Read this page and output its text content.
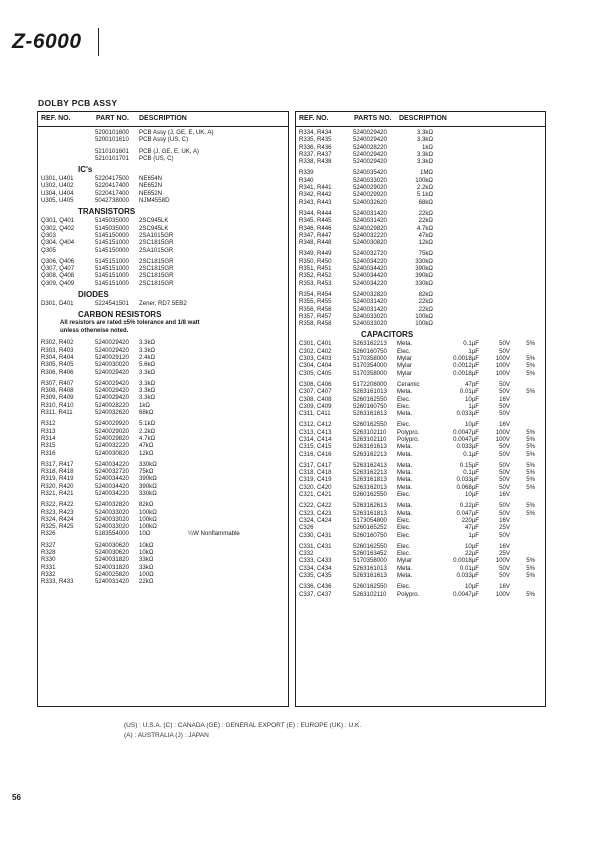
Z-6000
DOLBY PCB ASSY
REF. NO.	PART NO. DESCRIPTION
5200101600 PCB Assy (J, GE, E, UK, A)
5200101610 PCB Assy (US, C)
5210101601 PCB (J, GE, E, UK, A)
5210101701 PCB (US, C)
IC's
U301, U401	5220417500 NE654N
U302, U402	5220417400 NE652N
U304, U404	5220417400 NE652N
U305, U405	5042738000 NJM4558D
TRANSISTORS
Q301, Q401	5145035000 2SC945LK
Q302, Q402	5145035000 2SC945LK
Q303	5145150000 2SA1015GR
Q304, Q404	5145151000 2SC1815GR
Q305	5145150000 2SA1015GR
Q306, Q406	5145151000 2SC1815GR
Q307, Q407	5145151000 2SC1815GR
Q308, Q408	5145151000 2SC1815GR
Q309, Q409	5145151000 2SC1815GR
DIODES
D301, D401	5224541501 Zener, RD7.5EB2
CARBON RESISTORS
All resistors are rated ±5% tolerance and 1/8 watt
unless otherwise noted.
R302, R402	5240029420 3.3kΩ
R303, R403	5240029420 3.3kΩ
R304, R404	5240029120 2.4kΩ
R305, R405	5240030020 5.6kΩ
R306, R406	5240029420 3.3kΩ
R307, R407	5240029420 3.3kΩ
R308, R408	5240029420 3.3kΩ
R309, R409	5240029420 3.3kΩ
R310, R410	5240028220 1kΩ
R311, R411	5240032620 68kΩ
R312	5240029920 5.1kΩ
R313	5240029020 2.2kΩ
R314	5240029820 4.7kΩ
R315	5240032220 47kΩ
R316	5240030820 12kΩ
R317, R417	5240034220 330kΩ
R318, R418	5240032720 75kΩ
R319, R419	5240034420 390kΩ
R320, R420	5240034420 390kΩ
R321, R421	5240034220 330kΩ
R322, R422	5240032820 82kΩ
R323, R423	5240033020 100kΩ
R324, R424	5240033020 100kΩ
R325, R425	5240033020 100kΩ
R326	5183554000 10Ω	¼W Nonflammable
R327	5240030620 10kΩ
R328	5240030620 10kΩ
R330	5240031820 33kΩ
R331	5240031820 33kΩ
R332	5240025820 100Ω
R333, R433	5240031420 22kΩ
REF. NO.	PARTS NO. DESCRIPTION
R334, R434	5240029420	3.3kΩ
R335, R435	5240029420	3.3kΩ
R336, R436	5240028220	1kΩ
R337, R437	5240029420	3.3kΩ
R338, R438	5240029420	3.3kΩ
R339	5240035420	1MΩ
R340	5240033020	100kΩ
R341, R441	5240029020	2.2kΩ
R342, R442	5240029920	5.1kΩ
R343, R443	5240032620	68kΩ
R344, R444	5240031420	22kΩ
R345, R445	5240031420	22kΩ
R346, R446	5240029820	4.7kΩ
R347, R447	5240032220	47kΩ
R348, R448	5240030820	12kΩ
R349, R449	5240032720	75kΩ
R350, R450	5240034220	330kΩ
R351, R451	5240034420	390kΩ
R352, R452	5240034420	390kΩ
R353, R453	5240034220	330kΩ
R354, R454	5240032820	82kΩ
R355, R455	5240031420	22kΩ
R356, R456	5240031420	22kΩ
R357, R457	5240033020	100kΩ
R358, R458	5240033020	100kΩ
CAPACITORS
C301, C401	5263162213 Meta.	0.1µF	50V	5%
C302, C402	5260160750 Elec.	1µF	50V
C303, C403	5170358000 Mylar	0.0018µF	100V	5%
C304, C404	5170354000 Mylar	0.0012µF	100V	5%
C305, C405	5170358000 Mylar	0.0018µF	100V	5%
C306, C406	5172208000 Ceramic	47pF	50V
C307, C407	5263161013 Meta.	0.01µF	50V	5%
C308, C408	5260162550 Elec.	10µF	16V
C309, C409	5260160750 Elec.	1µF	50V
C311, C411	5263161613 Meta.	0.033µF	50V
C312, C412	5260162550 Elec.	10µF	16V
C313, C413	5263102110 Polypro.	0.0047µF	100V	5%
C314, C414	5263102110 Polypro.	0.0047µF	100V	5%
C315, C415	5263161613 Meta.	0.033µF	50V	5%
C316, C416	5263162213 Meta.	0.1µF	50V	5%
C317, C417	5263162413 Meta.	0.15µF	50V	5%
C318, C418	5263162213 Meta.	0.1µF	50V	5%
C319, C419	5263161813 Meta.	0.033µF	50V	5%
C320, C420	5263162013 Meta.	0.068µF	50V	5%
C321, C421	5260162550 Elec.	10µF	16V
C322, C422	5263162613 Meta.	0.22µF	50V	5%
C323, C423	5263161813 Meta.	0.047µF	50V	5%
C324, C424	5173054800 Elec.	220µF	16V
C326	5260165252 Elec.	47µF	25V
C330, C431	5260160750 Elec.	1µF	50V
C331, C431	5260162550 Elec.	10µF	16V
C332	5260163452 Elec.	22µF	25V
C333, C433	5170358000 Mylar	0.0018µF	100V	5%
C334, C434	5263161013 Meta.	0.01µF	50V	5%
C335, C435	5263161613 Meta.	0.033µF	50V	5%
C336, C436	5260162550 Elec.	10µF	16V
C337, C437	5263102110 Polypro.	0.0047µF	100V	5%
(US) : U.S.A. (C) : CANADA (GE) : GENERAL EXPORT (E) : EUROPE (UK) : U.K.
(A) : AUSTRALIA (J) : JAPAN
56
